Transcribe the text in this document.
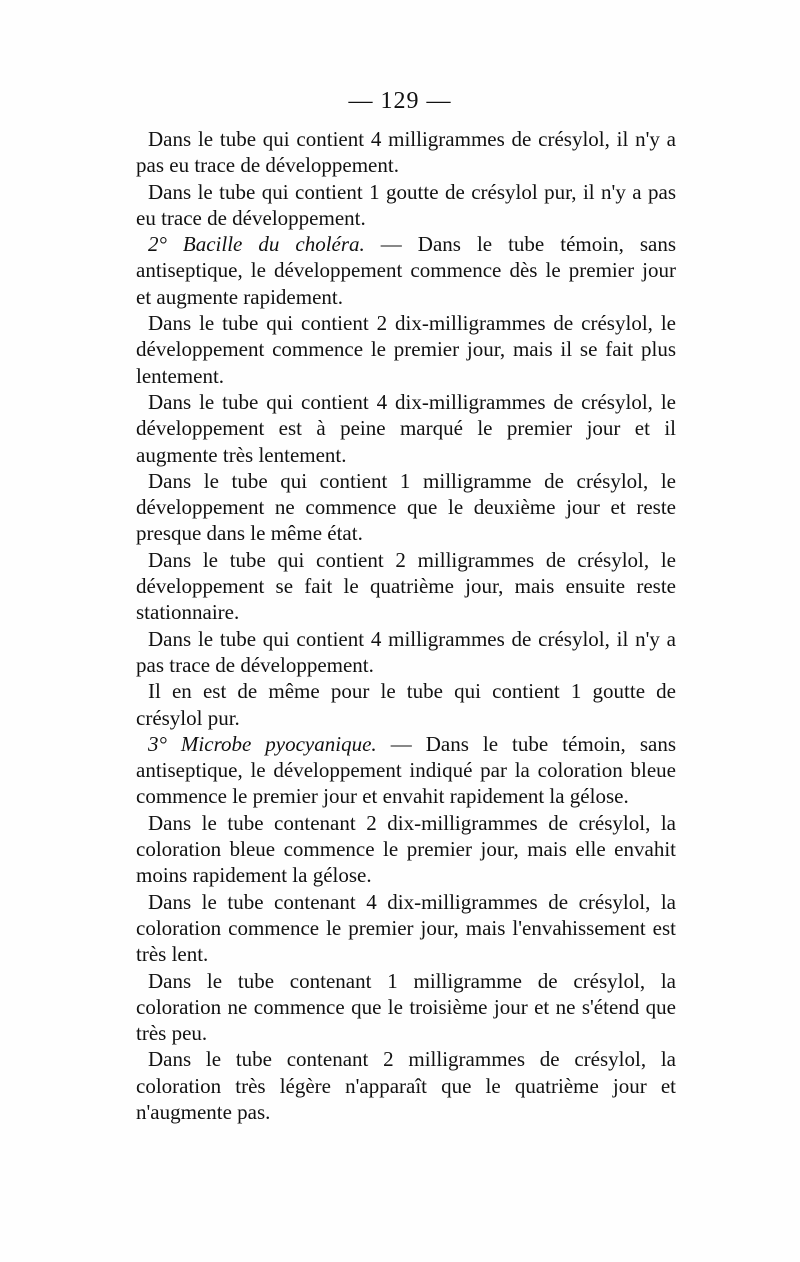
— 129 —

Dans le tube qui contient 4 milligrammes de crésylol, il n'y a pas eu trace de développement.

Dans le tube qui contient 1 goutte de crésylol pur, il n'y a pas eu trace de développement.

2° Bacille du choléra. — Dans le tube témoin, sans antiseptique, le développement commence dès le premier jour et augmente rapidement.

Dans le tube qui contient 2 dix-milligrammes de crésylol, le développement commence le premier jour, mais il se fait plus lentement.

Dans le tube qui contient 4 dix-milligrammes de crésylol, le développement est à peine marqué le premier jour et il augmente très lentement.

Dans le tube qui contient 1 milligramme de crésylol, le développement ne commence que le deuxième jour et reste presque dans le même état.

Dans le tube qui contient 2 milligrammes de crésylol, le développement se fait le quatrième jour, mais ensuite reste stationnaire.

Dans le tube qui contient 4 milligrammes de crésylol, il n'y a pas trace de développement.

Il en est de même pour le tube qui contient 1 goutte de crésylol pur.

3° Microbe pyocyanique. — Dans le tube témoin, sans antiseptique, le développement indiqué par la coloration bleue commence le premier jour et envahit rapidement la gélose.

Dans le tube contenant 2 dix-milligrammes de crésylol, la coloration bleue commence le premier jour, mais elle envahit moins rapidement la gélose.

Dans le tube contenant 4 dix-milligrammes de crésylol, la coloration commence le premier jour, mais l'envahissement est très lent.

Dans le tube contenant 1 milligramme de crésylol, la coloration ne commence que le troisième jour et ne s'étend que très peu.

Dans le tube contenant 2 milligrammes de crésylol, la coloration très légère n'apparaît que le quatrième jour et n'augmente pas.
